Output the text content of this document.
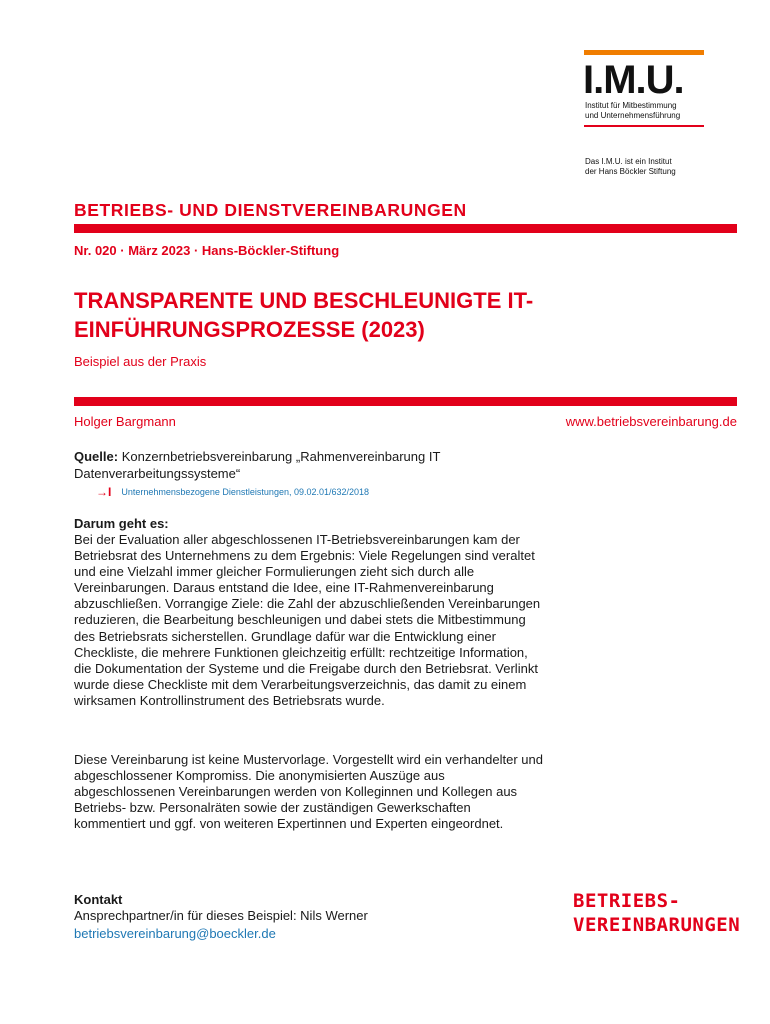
I.M.U.
Institut für Mitbestimmung
und Unternehmensführung
Das I.M.U. ist ein Institut
der Hans Böckler Stiftung
BETRIEBS- UND DIENSTVEREINBARUNGEN
Nr. 020 · März 2023 · Hans-Böckler-Stiftung
TRANSPARENTE UND BESCHLEUNIGTE IT-EINFÜHRUNGSPROZESSE (2023)
Beispiel aus der Praxis
Holger Bargmann	www.betriebsvereinbarung.de
Quelle: Konzernbetriebsvereinbarung „Rahmenvereinbarung IT Datenverarbeitungssysteme“
→I Unternehmensbezogene Dienstleistungen, 09.02.01/632/2018
Darum geht es:
Bei der Evaluation aller abgeschlossenen IT-Betriebsvereinbarungen kam der Betriebsrat des Unternehmens zu dem Ergebnis: Viele Regelungen sind veraltet und eine Vielzahl immer gleicher Formulierungen zieht sich durch alle Vereinbarungen. Daraus entstand die Idee, eine IT-Rahmenvereinbarung abzuschließen. Vorrangige Ziele: die Zahl der abzuschließenden Vereinbarungen reduzieren, die Bearbeitung beschleunigen und dabei stets die Mitbestimmung des Betriebsrats sicherstellen. Grundlage dafür war die Entwicklung einer Checkliste, die mehrere Funktionen gleichzeitig erfüllt: rechtzeitige Information, die Dokumentation der Systeme und die Freigabe durch den Betriebsrat. Verlinkt wurde diese Checkliste mit dem Verarbeitungsverzeichnis, das damit zu einem wirksamen Kontrollinstrument des Betriebsrats wurde.
Diese Vereinbarung ist keine Mustervorlage. Vorgestellt wird ein verhandelter und abgeschlossener Kompromiss. Die anonymisierten Auszüge aus abgeschlossenen Vereinbarungen werden von Kolleginnen und Kollegen aus Betriebs- bzw. Personalräten sowie der zuständigen Gewerkschaften kommentiert und ggf. von weiteren Expertinnen und Experten eingeordnet.
Kontakt
Ansprechpartner/in für dieses Beispiel: Nils Werner
betriebsvereinbarung@boeckler.de
BETRIEBS-
VEREINBARUNGEN
